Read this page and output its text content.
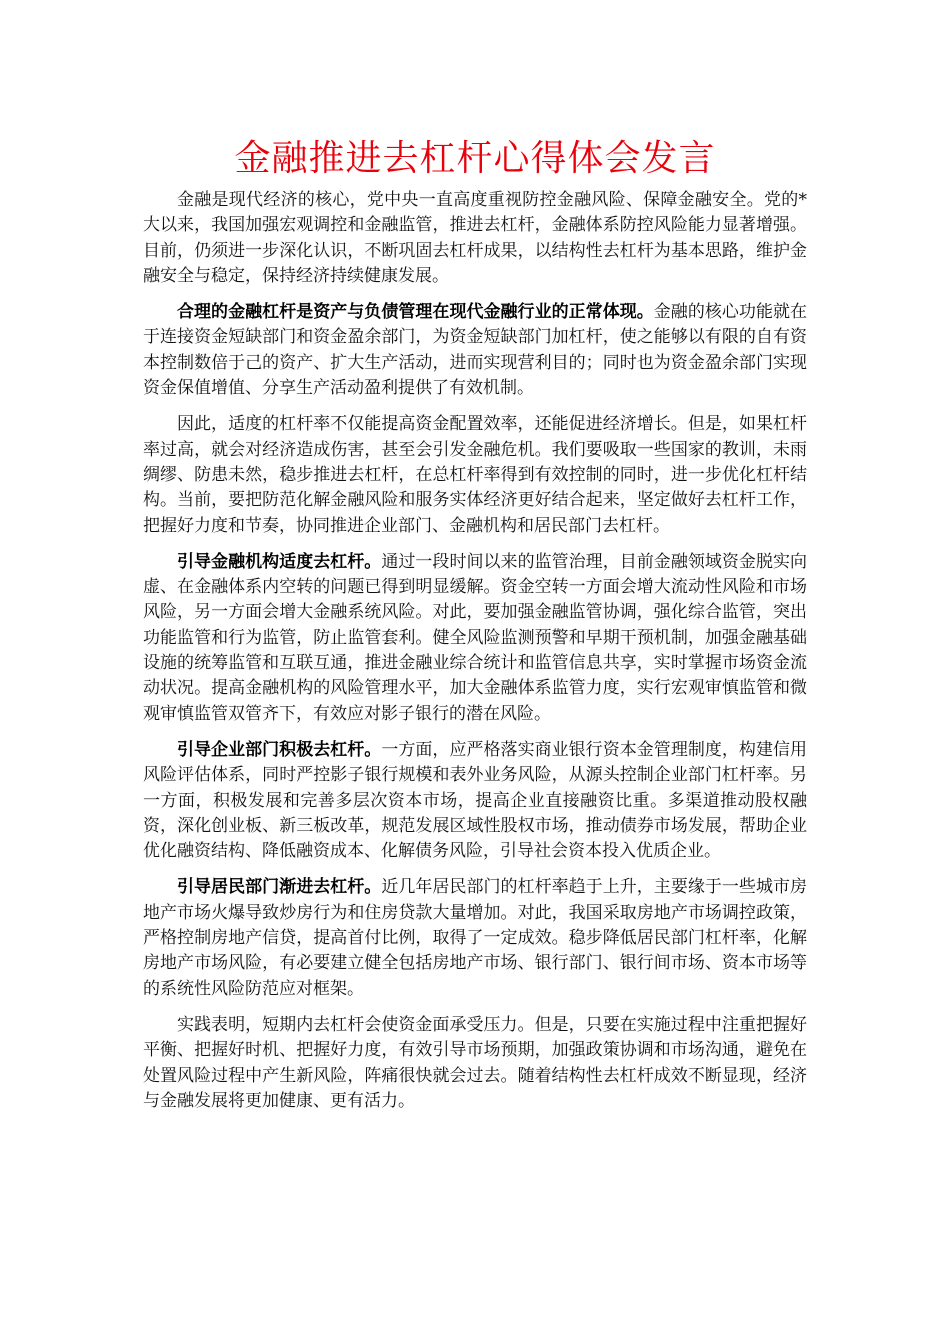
金融推进去杠杆心得体会发言

金融是现代经济的核心，党中央一直高度重视防控金融风险、保障金融安全。党的*大以来，我国加强宏观调控和金融监管，推进去杠杆，金融体系防控风险能力显著增强。目前，仍须进一步深化认识，不断巩固去杠杆成果，以结构性去杠杆为基本思路，维护金融安全与稳定，保持经济持续健康发展。

合理的金融杠杆是资产与负债管理在现代金融行业的正常体现。金融的核心功能就在于连接资金短缺部门和资金盈余部门，为资金短缺部门加杠杆，使之能够以有限的自有资本控制数倍于己的资产、扩大生产活动，进而实现营利目的；同时也为资金盈余部门实现资金保值增值、分享生产活动盈利提供了有效机制。

因此，适度的杠杆率不仅能提高资金配置效率，还能促进经济增长。但是，如果杠杆率过高，就会对经济造成伤害，甚至会引发金融危机。我们要吸取一些国家的教训，未雨绸缪、防患未然，稳步推进去杠杆，在总杠杆率得到有效控制的同时，进一步优化杠杆结构。当前，要把防范化解金融风险和服务实体经济更好结合起来，坚定做好去杠杆工作，把握好力度和节奏，协同推进企业部门、金融机构和居民部门去杠杆。

引导金融机构适度去杠杆。通过一段时间以来的监管治理，目前金融领域资金脱实向虚、在金融体系内空转的问题已得到明显缓解。资金空转一方面会增大流动性风险和市场风险，另一方面会增大金融系统风险。对此，要加强金融监管协调，强化综合监管，突出功能监管和行为监管，防止监管套利。健全风险监测预警和早期干预机制，加强金融基础设施的统筹监管和互联互通，推进金融业综合统计和监管信息共享，实时掌握市场资金流动状况。提高金融机构的风险管理水平，加大金融体系监管力度，实行宏观审慎监管和微观审慎监管双管齐下，有效应对影子银行的潜在风险。

引导企业部门积极去杠杆。一方面，应严格落实商业银行资本金管理制度，构建信用风险评估体系，同时严控影子银行规模和表外业务风险，从源头控制企业部门杠杆率。另一方面，积极发展和完善多层次资本市场，提高企业直接融资比重。多渠道推动股权融资，深化创业板、新三板改革，规范发展区域性股权市场，推动债券市场发展，帮助企业优化融资结构、降低融资成本、化解债务风险，引导社会资本投入优质企业。

引导居民部门渐进去杠杆。近几年居民部门的杠杆率趋于上升，主要缘于一些城市房地产市场火爆导致炒房行为和住房贷款大量增加。对此，我国采取房地产市场调控政策，严格控制房地产信贷，提高首付比例，取得了一定成效。稳步降低居民部门杠杆率，化解房地产市场风险，有必要建立健全包括房地产市场、银行部门、银行间市场、资本市场等的系统性风险防范应对框架。

实践表明，短期内去杠杆会使资金面承受压力。但是，只要在实施过程中注重把握好平衡、把握好时机、把握好力度，有效引导市场预期，加强政策协调和市场沟通，避免在处置风险过程中产生新风险，阵痛很快就会过去。随着结构性去杠杆成效不断显现，经济与金融发展将更加健康、更有活力。
